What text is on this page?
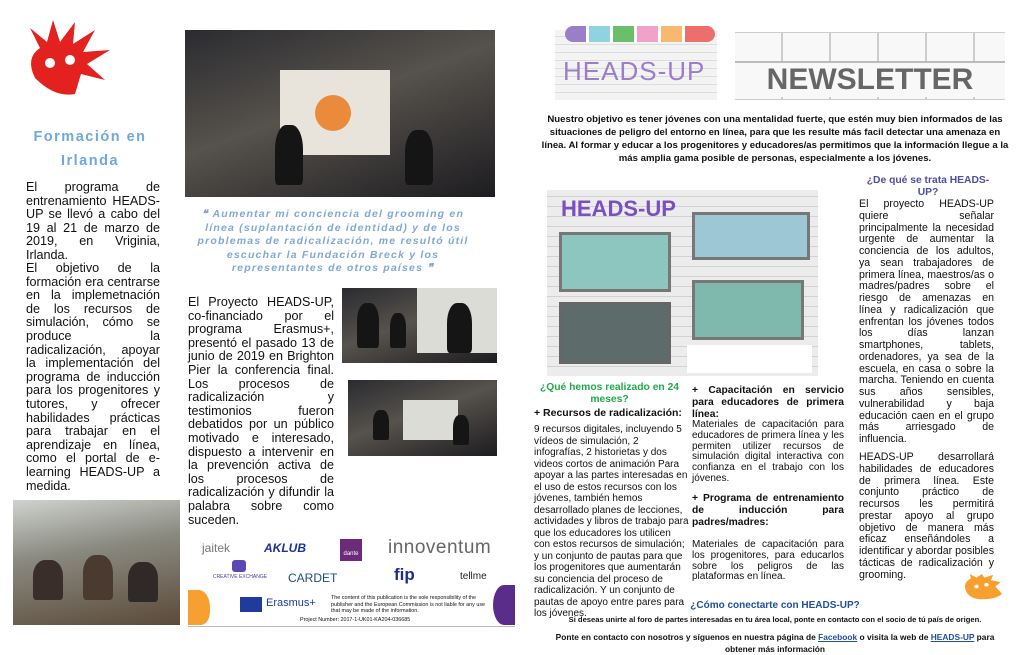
Formación en
Irlanda

El programa de entrenamiento HEADS-UP se llevó a cabo del 19 al 21 de marzo de 2019, en Vriginia, Irlanda.

El objetivo de la formación era centrarse en la implemetnación de los recursos de simulación, cómo se produce la radicalización, apoyar la implementación del programa de inducción para los progenitores y tutores, y ofrecer habilidades prácticas para trabajar en el aprendizaje en línea, como el portal de e-learning HEADS-UP a medida.

❝ Aumentar mi conciencia del grooming en línea (suplantación de identidad) y de los problemas de radicalización, me resultó útil escuchar la Fundación Breck y los representantes de otros países ❞

El Proyecto HEADS-UP, co-financiado por el programa Erasmus+, presentó el pasado 13 de junio de 2019 en Brighton Pier la conferencia final. Los procesos de radicalización y testimonios fueron debatidos por un público motivado e interesado, dispuesto a intervenir en la prevención activa de los procesos de radicalización y difundir la palabra sobre como suceden.

jaitek	AKLUB	dante innoventum
CREATIVE EXCHANGE CARDET	fip	tellme
Erasmus+	The content of this publication is the sole responsibility of the publisher and the European Commission is not liable for any use that may be made of the information.
Project Number: 2017-1-UK01-KA204-036685
HEADS-UP	NEWSLETTER

Nuestro objetivo es tener jóvenes con una mentalidad fuerte, que estén muy bien informados de las situaciones de peligro del entorno en línea, para que les resulte más facil detectar una amenaza en línea. Al formar y educar a los progenitores y educadores/as permitimos que la información llegue a la más amplia gama posible de personas, especialmente a los jóvenes.

HEADS-UP
¿Qué hemos realizado en 24 meses?
+ Recursos de radicalización:

9 recursos digitales, incluyendo 5 vídeos de simulación, 2 infografías, 2 historietas y dos videos cortos de animación Para apoyar a las partes interesadas en el uso de estos recursos con los jóvenes, también hemos desarrollado planes de lecciones, actividades y libros de trabajo para que los educadores los utilicen con estos recursos de simulación; y un conjunto de pautas para que los progenitores que aumentarán su conciencia del proceso de radicalización. Y un conjunto de pautas de apoyo entre pares para los jóvenes.

+ Capacitación en servicio para educadores de primera línea:

Materiales de capacitación para educadores de primera línea y les permiten utilizer recursos de simulación digital interactiva con confianza en el trabajo con los jóvenes.

+ Programa de entrenamiento de inducción para padres/madres:

Materiales de capacitación para los progenitores, para educarlos sobre los peligros de las plataformas en línea.

¿De qué se trata HEADS-UP?

El proyecto HEADS-UP quiere señalar principalmente la necesidad urgente de aumentar la conciencia de los adultos, ya sean trabajadores de primera línea, maestros/as o madres/padres sobre el riesgo de amenazas en línea y radicalización que enfrentan los jóvenes todos los días lanzan smartphones, tablets, ordenadores, ya sea de la escuela, en casa o sobre la marcha. Teniendo en cuenta sus años sensibles, vulnerabilidad y baja educación caen en el grupo más arriesgado de influencia.

HEADS-UP desarrollará habilidades de educadores de primera línea. Este conjunto práctico de recursos les permitirá prestar apoyo al grupo objetivo de manera más eficaz enseñándoles a identificar y abordar posibles tácticas de radicalización y grooming.

¿Cómo conectarte con HEADS-UP?
Si deseas unirte al foro de partes interesadas en tu área local, ponte en contacto con el socio de tú país de origen.
Ponte en contacto con nosotros y síguenos en nuestra página de Facebook o visita la web de HEADS-UP para obtener más información
